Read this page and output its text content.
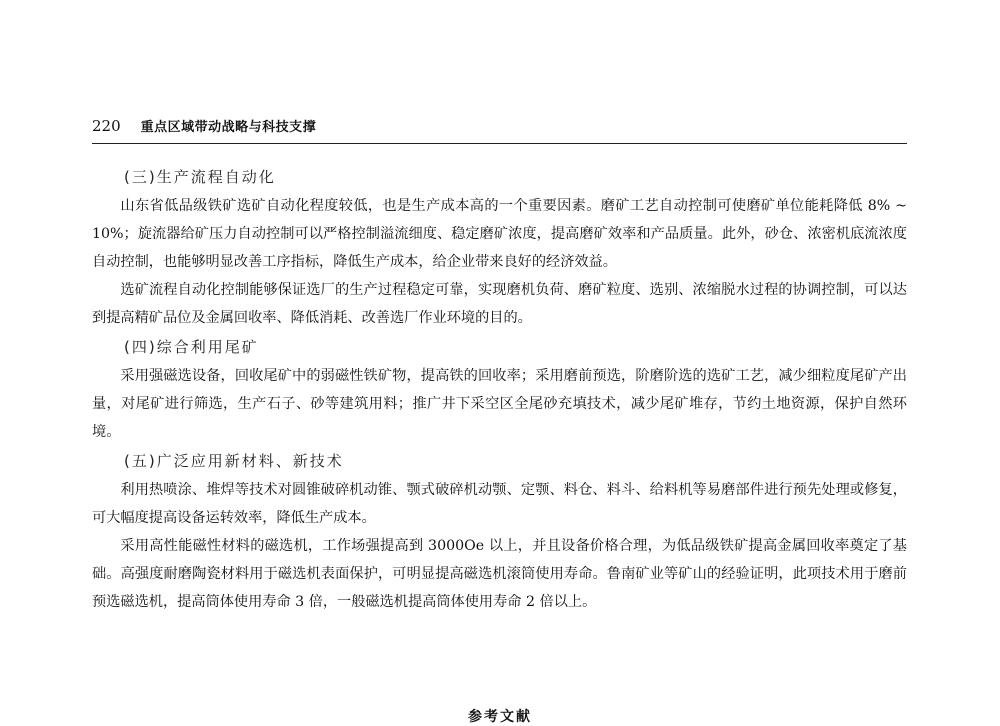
220 重点区域带动战略与科技支撑
(三)生产流程自动化

山东省低品级铁矿选矿自动化程度较低，也是生产成本高的一个重要因素。磨矿工艺自动控制可使磨矿单位能耗降低 8% ~ 10%；旋流器给矿压力自动控制可以严格控制溢流细度、稳定磨矿浓度，提高磨矿效率和产品质量。此外，砂仓、浓密机底流浓度自动控制，也能够明显改善工序指标，降低生产成本，给企业带来良好的经济效益。

选矿流程自动化控制能够保证选厂的生产过程稳定可靠，实现磨机负荷、磨矿粒度、选别、浓缩脱水过程的协调控制，可以达到提高精矿品位及金属回收率、降低消耗、改善选厂作业环境的目的。

(四)综合利用尾矿

采用强磁选设备，回收尾矿中的弱磁性铁矿物，提高铁的回收率；采用磨前预选，阶磨阶选的选矿工艺，减少细粒度尾矿产出量，对尾矿进行筛选，生产石子、砂等建筑用料；推广井下采空区全尾砂充填技术，减少尾矿堆存，节约土地资源，保护自然环境。

(五)广泛应用新材料、新技术

利用热喷涂、堆焊等技术对圆锥破碎机动锥、颚式破碎机动颚、定颚、料仓、料斗、给料机等易磨部件进行预先处理或修复，可大幅度提高设备运转效率，降低生产成本。

采用高性能磁性材料的磁选机，工作场强提高到 3000Oe 以上，并且设备价格合理，为低品级铁矿提高金属回收率奠定了基础。高强度耐磨陶瓷材料用于磁选机表面保护，可明显提高磁选机滚筒使用寿命。鲁南矿业等矿山的经验证明，此项技术用于磨前预选磁选机，提高筒体使用寿命 3 倍，一般磁选机提高筒体使用寿命 2 倍以上。

参考文献
